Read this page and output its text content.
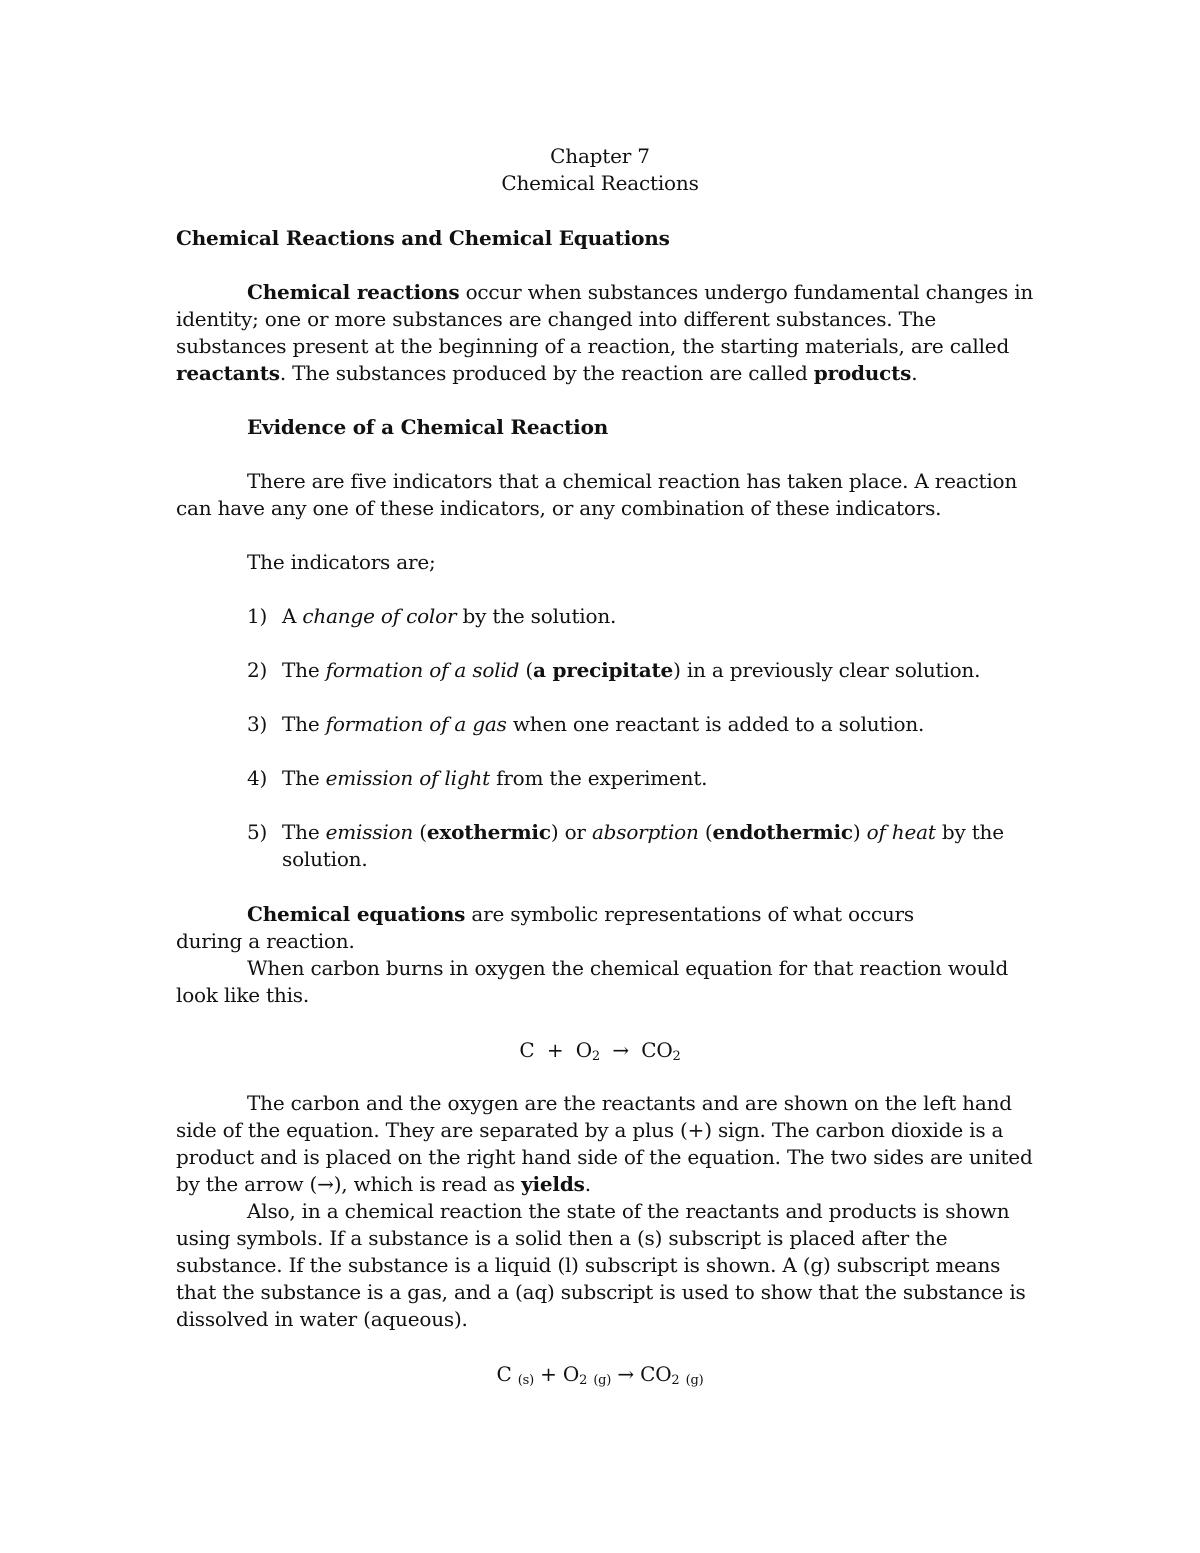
Chapter 7
Chemical Reactions
Chemical Reactions and Chemical Equations

Chemical reactions occur when substances undergo fundamental changes in identity; one or more substances are changed into different substances. The substances present at the beginning of a reaction, the starting materials, are called reactants. The substances produced by the reaction are called products.

Evidence of a Chemical Reaction

There are five indicators that a chemical reaction has taken place. A reaction can have any one of these indicators, or any combination of these indicators.

The indicators are;
1) A change of color by the solution.
2) The formation of a solid (a precipitate) in a previously clear solution.
3) The formation of a gas when one reactant is added to a solution.
4) The emission of light from the experiment.
5) The emission (exothermic) or absorption (endothermic) of heat by the solution.

Chemical equations are symbolic representations of what occurs during a reaction.

When carbon burns in oxygen the chemical equation for that reaction would look like this.

$C + O_2 \to CO_2$

The carbon and the oxygen are the reactants and are shown on the left hand side of the equation. They are separated by a plus (+) sign. The carbon dioxide is a product and is placed on the right hand side of the equation. The two sides are united by the arrow (→), which is read as yields.

Also, in a chemical reaction the state of the reactants and products is shown using symbols. If a substance is a solid then a (s) subscript is placed after the substance. If the substance is a liquid (l) subscript is shown. A (g) subscript means that the substance is a gas, and a (aq) subscript is used to show that the substance is dissolved in water (aqueous).

C $_{(s)} + O_2$ $_{(g)} \to CO_2$ $_{(g)}$
